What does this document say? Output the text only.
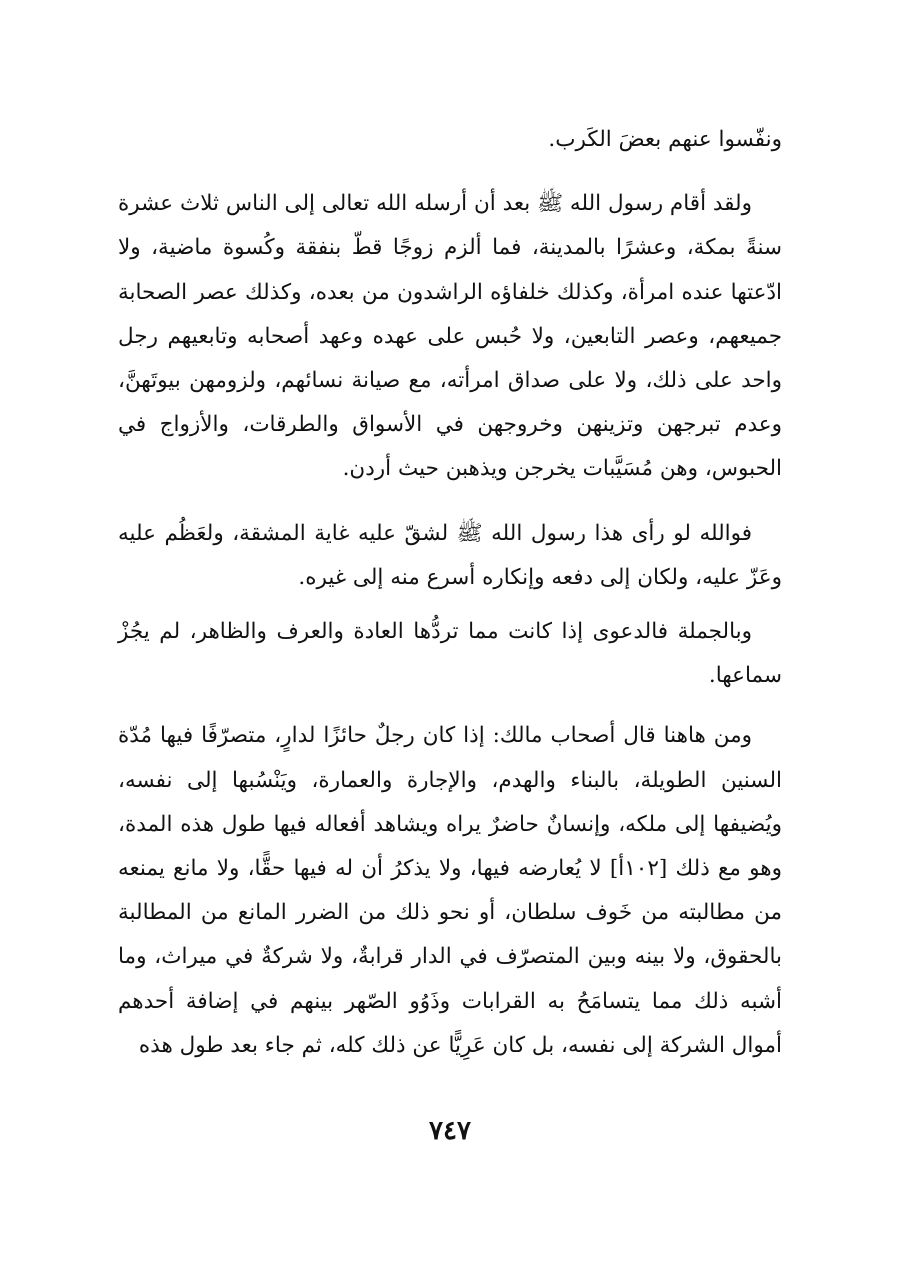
ونفّسوا عنهم بعضَ الكَرب.

ولقد أقام رسول الله ﷺ بعد أن أرسله الله تعالى إلى الناس ثلاث عشرة سنةً بمكة، وعشرًا بالمدينة، فما ألزم زوجًا قطّ بنفقة وكُسوة ماضية، ولا ادّعتها عنده امرأة، وكذلك خلفاؤه الراشدون من بعده، وكذلك عصر الصحابة جميعهم، وعصر التابعين، ولا حُبس على عهده وعهد أصحابه وتابعيهم رجل واحد على ذلك، ولا على صداق امرأته، مع صيانة نسائهم، ولزومهن بيوتَهنَّ، وعدم تبرجهن وتزينهن وخروجهن في الأسواق والطرقات، والأزواج في الحبوس، وهن مُسَيَّبات يخرجن ويذهبن حيث أردن.

فوالله لو رأى هذا رسول الله ﷺ لشقّ عليه غاية المشقة، ولعَظُم عليه وعَزّ عليه، ولكان إلى دفعه وإنكاره أسرع منه إلى غيره.

وبالجملة فالدعوى إذا كانت مما تردُّها العادة والعرف والظاهر، لم يجُزْ سماعها.

ومن هاهنا قال أصحاب مالك: إذا كان رجلٌ حائزًا لدارٍ، متصرّفًا فيها مُدّة السنين الطويلة، بالبناء والهدم، والإجارة والعمارة، ويَنْسُبها إلى نفسه، ويُضيفها إلى ملكه، وإنسانٌ حاضرٌ يراه ويشاهد أفعاله فيها طول هذه المدة، وهو مع ذلك [١٠٢أ] لا يُعارضه فيها، ولا يذكرُ أن له فيها حقًّا، ولا مانع يمنعه من مطالبته من خَوف سلطان، أو نحو ذلك من الضرر المانع من المطالبة بالحقوق، ولا بينه وبين المتصرّف في الدار قرابةٌ، ولا شركةٌ في ميراث، وما أشبه ذلك مما يتسامَحُ به القرابات وذَوُو الصّهر بينهم في إضافة أحدهم أموال الشركة إلى نفسه، بل كان عَرِيًّا عن ذلك كله، ثم جاء بعد طول هذه

٧٤٧
